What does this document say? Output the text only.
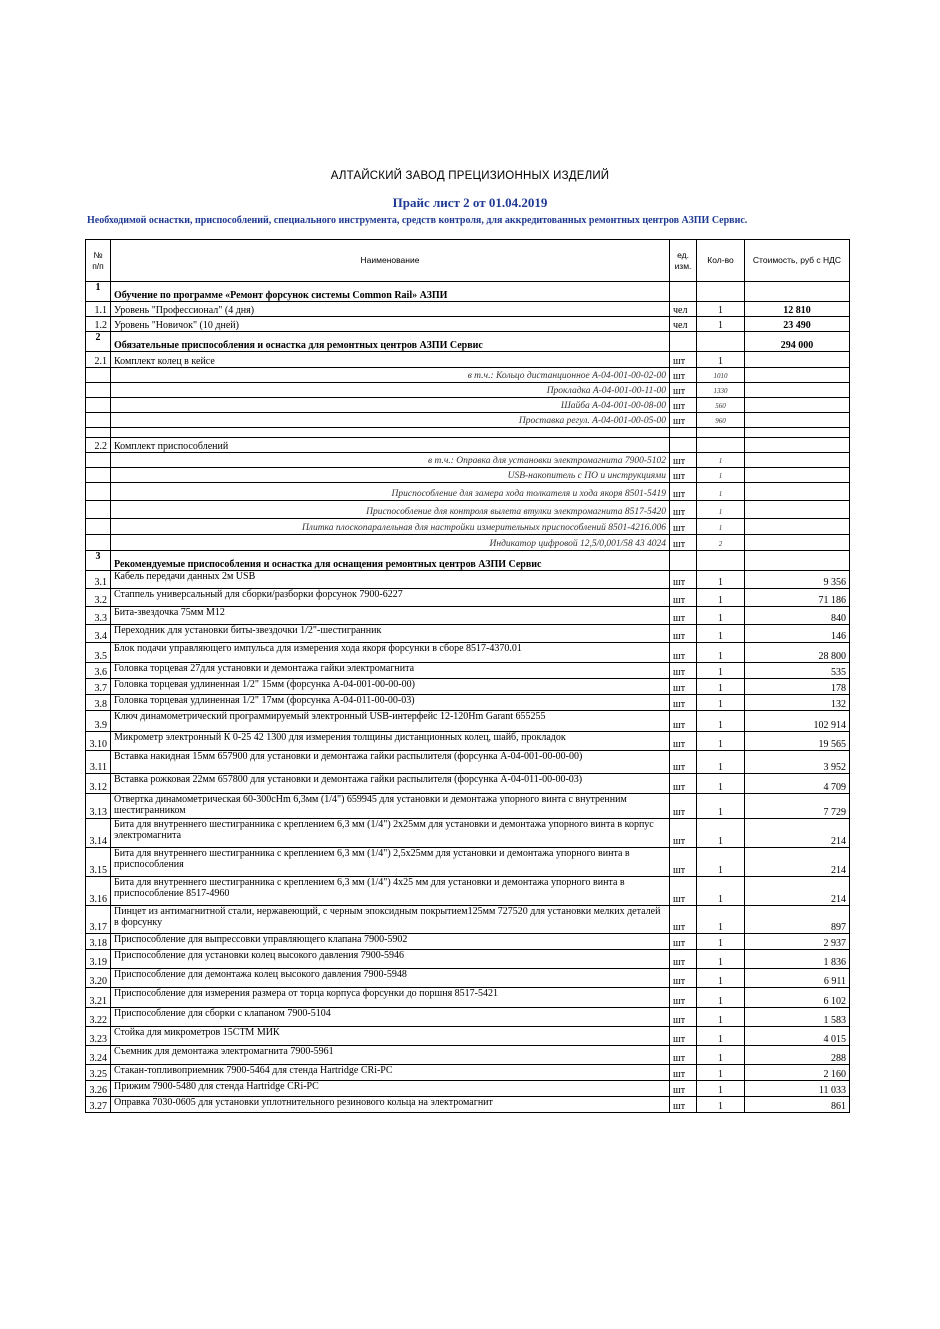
АЛТАЙСКИЙ ЗАВОД ПРЕЦИЗИОННЫХ ИЗДЕЛИЙ
Прайс лист 2 от 01.04.2019
Необходимой оснастки, приспособлений, специального инструмента, средств контроля, для аккредитованных ремонтных центров АЗПИ Сервис.
№ п/п	Наименование	ед. изм.	Кол-во	Стоимость, руб с НДС
1	Обучение по программе «Ремонт форсунок системы Common Rail» АЗПИ			
1.1	Уровень "Профессионал" (4 дня)	чел	1	12 810
1.2	Уровень "Новичок" (10 дней)	чел	1	23 490
2	Обязательные приспособления и оснастка для ремонтных центров АЗПИ Сервис			294 000
2.1	Комплект колец в кейсе	шт	1	
	в т.ч.: Кольцо дистанционное А-04-001-00-02-00	шт	1010	
	Прокладка А-04-001-00-11-00	шт	1330	
	Шайба А-04-001-00-08-00	шт	560	
	Проставка регул. А-04-001-00-05-00	шт	960	

2.2	Комплект приспособлений			
	в т.ч.: Оправка для установки электромагнита 7900-5102	шт	1	
	USB-накопитель с ПО и инструкциями	шт	1	
	Приспособление для замера хода толкателя и хода якоря 8501-5419	шт	1	
	Приспособление для контроля вылета втулки электромагнита 8517-5420	шт	1	
	Плитка плоскопаралельная для настройки измерительных приспособлений 8501-4216.006	шт	1	
	Индикатор цифровой 12,5/0,001/58 43 4024	шт	2	
3	Рекомендуемые приспособления и оснастка для оснащения ремонтных центров АЗПИ Сервис			
3.1	Кабель передачи данных 2м USB	шт	1	9 356
3.2	Стаппель универсальный для сборки/разборки форсунок 7900-6227	шт	1	71 186
3.3	Бита-звездочка 75мм М12	шт	1	840
3.4	Переходник для установки биты-звездочки 1/2"-шестигранник	шт	1	146
3.5	Блок подачи управляющего импульса для измерения хода якоря форсунки в сборе 8517-4370.01	шт	1	28 800
3.6	Головка торцевая 27для установки и демонтажа гайки электромагнита	шт	1	535
3.7	Головка торцевая удлиненная 1/2" 15мм (форсунка А-04-001-00-00-00)	шт	1	178
3.8	Головка торцевая удлиненная 1/2" 17мм (форсунка А-04-011-00-00-03)	шт	1	132
3.9	Ключ динамометрический программируемый электронный USB-интерфейс 12-120Hm Garant 655255	шт	1	102 914
3.10	Микрометр электронный К 0-25 42 1300 для измерения толщины дистанционных колец, шайб, прокладок	шт	1	19 565
3.11	Вставка накидная 15мм 657900 для установки и демонтажа гайки распылителя (форсунка А-04-001-00-00-00)	шт	1	3 952
3.12	Вставка рожковая 22мм 657800 для установки и демонтажа гайки распылителя (форсунка А-04-011-00-00-03)	шт	1	4 709
3.13	Отвертка динамометрическая 60-300cHm 6,3мм (1/4") 659945 для установки и демонтажа упорного винта с внутренним шестигранником	шт	1	7 729
3.14	Бита для внутреннего шестигранника с креплением 6,3 мм (1/4") 2x25мм для установки и демонтажа упорного винта в корпус электромагнита	шт	1	214
3.15	Бита для внутреннего шестигранника с креплением 6,3 мм (1/4") 2,5x25мм для установки и демонтажа упорного винта в приспособления	шт	1	214
3.16	Бита для внутреннего шестигранника с креплением 6,3 мм (1/4") 4x25 мм для установки и демонтажа упорного винта в приспособление 8517-4960	шт	1	214
3.17	Пинцет из антимагнитной стали, нержавеющий, с черным эпоксидным покрытием125мм 727520 для установки мелких деталей в форсунку	шт	1	897
3.18	Приспособление для выпрессовки управляющего клапана 7900-5902	шт	1	2 937
3.19	Приспособление для установки колец высокого давления 7900-5946	шт	1	1 836
3.20	Приспособление для демонтажа колец высокого давления 7900-5948	шт	1	6 911
3.21	Приспособление для измерения размера от торца корпуса форсунки до поршня 8517-5421	шт	1	6 102
3.22	Приспособление для сборки с клапаном 7900-5104	шт	1	1 583
3.23	Стойка для микрометров 15СТМ МИК	шт	1	4 015
3.24	Съемник для демонтажа электромагнита 7900-5961	шт	1	288
3.25	Стакан-топливоприемник 7900-5464 для стенда Hartridge CRi-PC	шт	1	2 160
3.26	Прижим 7900-5480 для стенда Hartridge CRi-PC	шт	1	11 033
3.27	Оправка 7030-0605 для установки уплотнительного резинового кольца на электромагнит	шт	1	861
